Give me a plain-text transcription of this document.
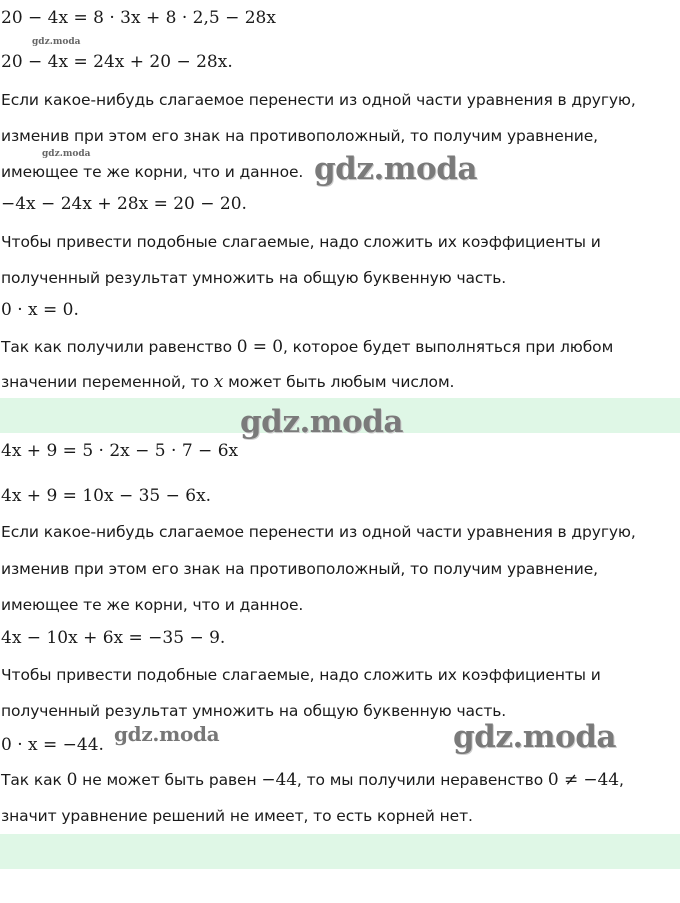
20 − 4x = 8 · 3x + 8 · 2,5 − 28x
gdz.moda
20 − 4x = 24x + 20 − 28x.
Если какое-нибудь слагаемое перенести из одной части уравнения в другую,
изменив при этом его знак на противоположный, то получим уравнение,
gdz.moda
имеющее те же корни, что и данное. gdz.moda
−4x − 24x + 28x = 20 − 20.
Чтобы привести подобные слагаемые, надо сложить их коэффициенты и
полученный результат умножить на общую буквенную часть.
0 · x = 0.
Так как получили равенство 0 = 0, которое будет выполняться при любом
значении переменной, то x может быть любым числом.
gdz.moda
4x + 9 = 5 · 2x − 5 · 7 − 6x
4x + 9 = 10x − 35 − 6x.
Если какое-нибудь слагаемое перенести из одной части уравнения в другую,
изменив при этом его знак на противоположный, то получим уравнение,
имеющее те же корни, что и данное.
4x − 10x + 6x = −35 − 9.
Чтобы привести подобные слагаемые, надо сложить их коэффициенты и
полученный результат умножить на общую буквенную часть.
0 · x = −44. gdz.moda	gdz.moda
Так как 0 не может быть равен −44, то мы получили неравенство 0 ≠ −44,
значит уравнение решений не имеет, то есть корней нет.
